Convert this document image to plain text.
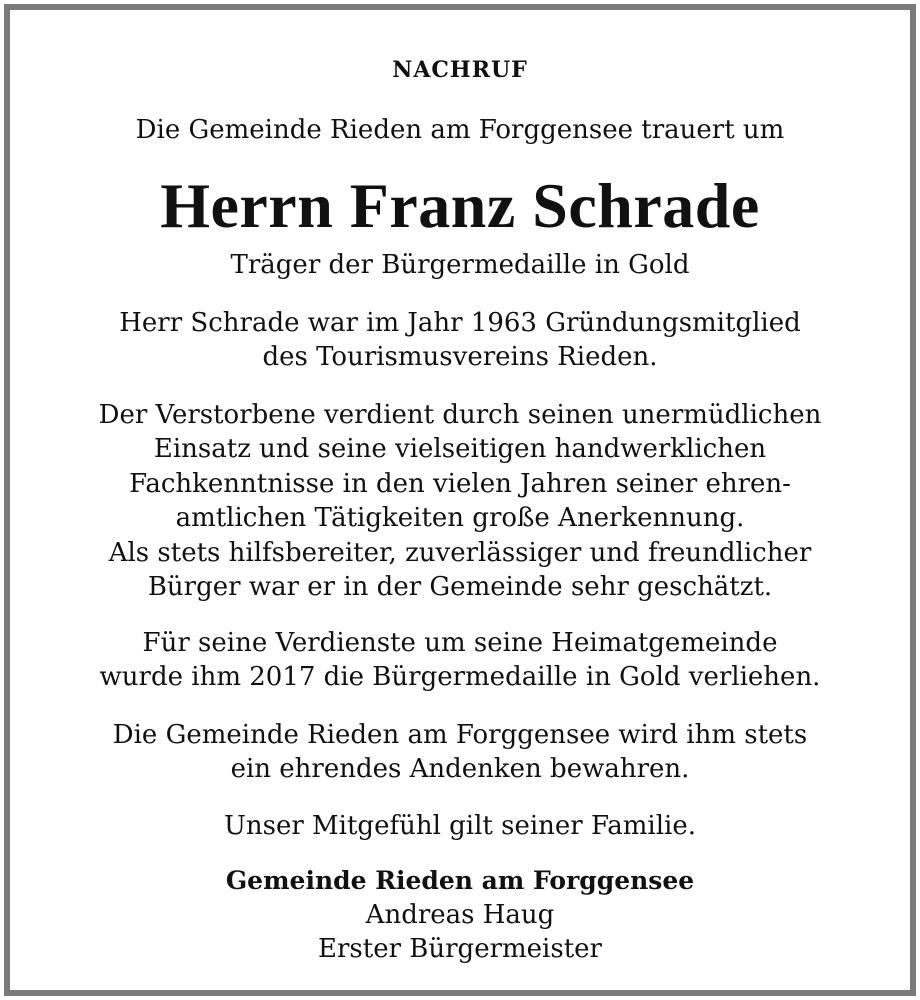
NACHRUF
Die Gemeinde Rieden am Forggensee trauert um
Herrn Franz Schrade
Träger der Bürgermedaille in Gold
Herr Schrade war im Jahr 1963 Gründungsmitglied
des Tourismusvereins Rieden.
Der Verstorbene verdient durch seinen unermüdlichen
Einsatz und seine vielseitigen handwerklichen
Fachkenntnisse in den vielen Jahren seiner ehren-
amtlichen Tätigkeiten große Anerkennung.
Als stets hilfsbereiter, zuverlässiger und freundlicher
Bürger war er in der Gemeinde sehr geschätzt.
Für seine Verdienste um seine Heimatgemeinde
wurde ihm 2017 die Bürgermedaille in Gold verliehen.
Die Gemeinde Rieden am Forggensee wird ihm stets
ein ehrendes Andenken bewahren.
Unser Mitgefühl gilt seiner Familie.
Gemeinde Rieden am Forggensee
Andreas Haug
Erster Bürgermeister
